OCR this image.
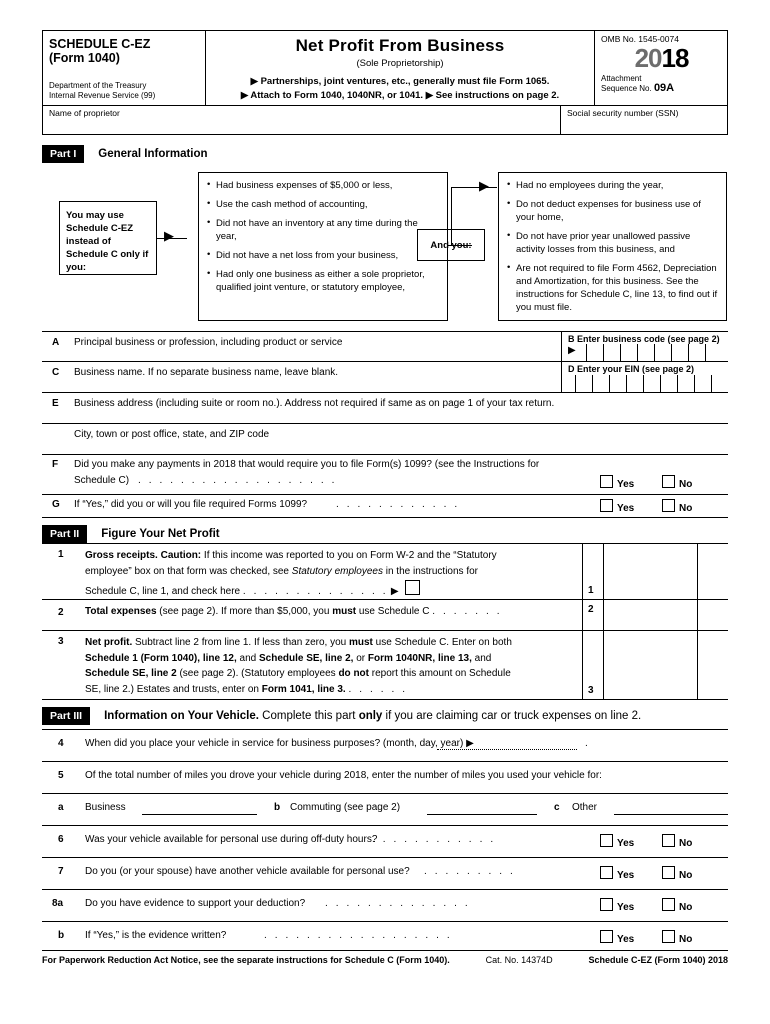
SCHEDULE C-EZ
(Form 1040)
Department of the Treasury
Internal Revenue Service (99)
Net Profit From Business
(Sole Proprietorship)
▶ Partnerships, joint ventures, etc., generally must file Form 1065.
▶ Attach to Form 1040, 1040NR, or 1041. ▶ See instructions on page 2.
OMB No. 1545-0074
2018
Attachment
Sequence No. 09A
Name of proprietor	Social security number (SSN)
Part I	General Information
You may use Schedule C-EZ instead of Schedule C only if you:
▶
• Had business expenses of $5,000 or less,
• Use the cash method of accounting,
• Did not have an inventory at any time during the year,
• Did not have a net loss from your business,
• Had only one business as either a sole proprietor, qualified joint venture, or statutory employee,
And you:
▶	• Had no employees during the year,
• Do not deduct expenses for business use of your home,
• Do not have prior year unallowed passive activity losses from this business, and
• Are not required to file Form 4562, Depreciation and Amortization, for this business. See the instructions for Schedule C, line 13, to find out if you must file.
A Principal business or profession, including product or service	B Enter business code (see page 2)
▶
C Business name. If no separate business name, leave blank.	D Enter your EIN (see page 2)
E Business address (including suite or room no.). Address not required if same as on page 1 of your tax return.
City, town or post office, state, and ZIP code
F Did you make any payments in 2018 that would require you to file Form(s) 1099? (see the Instructions for
Schedule C) . . . . . . . . . . . . . . . . . . .	Yes	No
G If “Yes,” did you or will you file required Forms 1099?	. . . . . . . . . . . .	Yes	No
Part II	Figure Your Net Profit
1 Gross receipts. Caution: If this income was reported to you on Form W-2 and the “Statutory
employee” box on that form was checked, see Statutory employees in the instructions for
Schedule C, line 1, and check here . . . . . . . . . . . . . . ▶	1
2 Total expenses (see page 2). If more than $5,000, you must use Schedule C . . . . . . .	2
3 Net profit. Subtract line 2 from line 1. If less than zero, you must use Schedule C. Enter on both
Schedule 1 (Form 1040), line 12, and Schedule SE, line 2, or Form 1040NR, line 13, and
Schedule SE, line 2 (see page 2). (Statutory employees do not report this amount on Schedule
SE, line 2.) Estates and trusts, enter on Form 1041, line 3. . . . . . .	3
Part III	Information on Your Vehicle. Complete this part only if you are claiming car or truck expenses on line 2.
4 When did you place your vehicle in service for business purposes? (month, day, year) ▶	.
5 Of the total number of miles you drove your vehicle during 2018, enter the number of miles you used your vehicle for:
a Business	b Commuting (see page 2)	c Other
6 Was your vehicle available for personal use during off-duty hours?
. . . . . . . . . . . .	Yes	No
7 Do you (or your spouse) have another vehicle available for personal use? . . . . . . . . .	Yes	No
8a Do you have evidence to support your deduction? . . . . . . . . . . . . . .	Yes	No
b If “Yes,” is the evidence written?	. . . . . . . . . . . . . . . . . .	Yes	No
For Paperwork Reduction Act Notice, see the separate instructions for Schedule C (Form 1040).	Cat. No. 14374D	Schedule C-EZ (Form 1040) 2018
